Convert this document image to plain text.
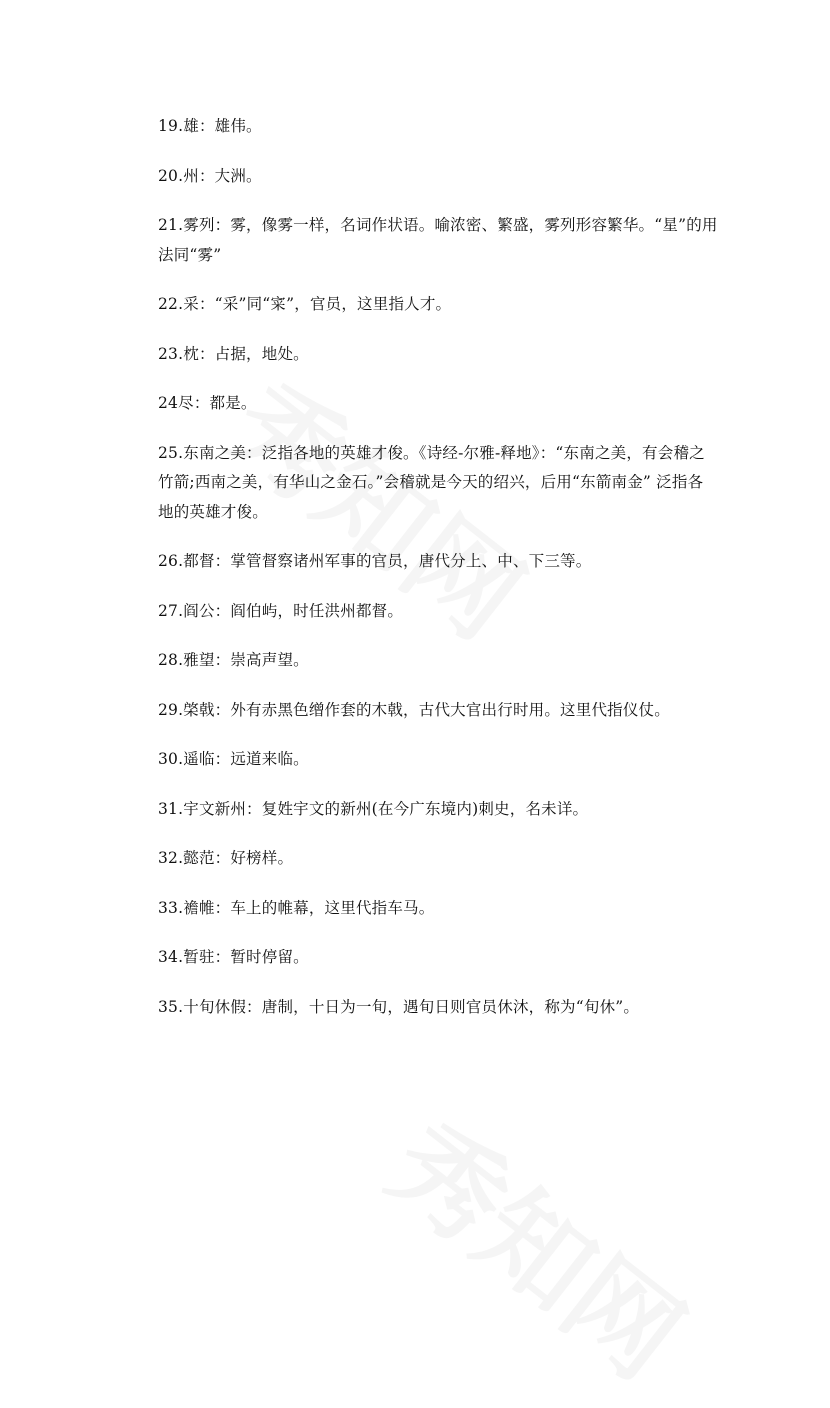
19.雄：雄伟。
20.州：大洲。
21.雾列：雾，像雾一样，名词作状语。喻浓密、繁盛，雾列形容繁华。“星”的用法同“雾”
22.采：“采”同“寀”，官员，这里指人才。
23.枕：占据，地处。
24尽：都是。
25.东南之美：泛指各地的英雄才俊。《诗经-尔雅-释地》：“东南之美，有会稽之竹箭;西南之美，有华山之金石。”会稽就是今天的绍兴，后用“东箭南金” 泛指各地的英雄才俊。
26.都督：掌管督察诸州军事的官员，唐代分上、中、下三等。
27.阎公：阎伯屿，时任洪州都督。
28.雅望：崇高声望。
29.棨戟：外有赤黑色缯作套的木戟，古代大官出行时用。这里代指仪仗。
30.遥临：远道来临。
31.宇文新州：复姓宇文的新州(在今广东境内)刺史，名未详。
32.懿范：好榜样。
33.襜帷：车上的帷幕，这里代指车马。
34.暂驻：暂时停留。
35.十旬休假：唐制，十日为一旬，遇旬日则官员休沐，称为“旬休”。
